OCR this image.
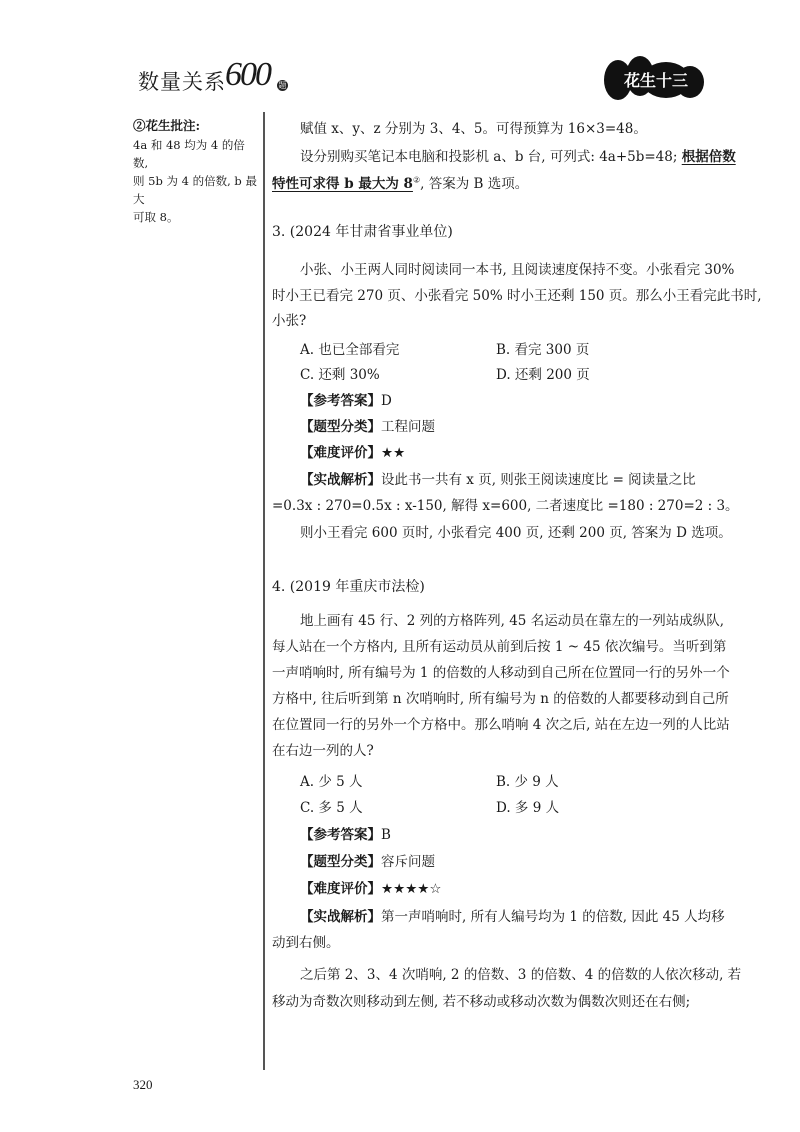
数量关系 600 题	花生十三
②花生批注:
4a 和 48 均为 4 的倍数,
则 5b 为 4 的倍数, b 最大
可取 8。
赋值 x、y、z 分别为 3、4、5。可得预算为 16×3=48。
设分别购买笔记本电脑和投影机 a、b 台, 可列式: 4a+5b=48; 根据倍数
特性可求得 b 最大为 8②, 答案为 B 选项。
3. (2024 年甘肃省事业单位)
小张、小王两人同时阅读同一本书, 且阅读速度保持不变。小张看完 30%
时小王已看完 270 页、小张看完 50% 时小王还剩 150 页。那么小王看完此书时,
小张?
A. 也已全部看完	B. 看完 300 页
C. 还剩 30%	D. 还剩 200 页
【参考答案】D
【题型分类】工程问题
【难度评价】★★
【实战解析】设此书一共有 x 页, 则张王阅读速度比 = 阅读量之比
=0.3x : 270=0.5x : x-150, 解得 x=600, 二者速度比 =180 : 270=2 : 3。
则小王看完 600 页时, 小张看完 400 页, 还剩 200 页, 答案为 D 选项。
4. (2019 年重庆市法检)
地上画有 45 行、2 列的方格阵列, 45 名运动员在靠左的一列站成纵队,
每人站在一个方格内, 且所有运动员从前到后按 1 ~ 45 依次编号。当听到第
一声哨响时, 所有编号为 1 的倍数的人移动到自己所在位置同一行的另外一个
方格中, 往后听到第 n 次哨响时, 所有编号为 n 的倍数的人都要移动到自己所
在位置同一行的另外一个方格中。那么哨响 4 次之后, 站在左边一列的人比站
在右边一列的人?
A. 少 5 人	B. 少 9 人
C. 多 5 人	D. 多 9 人
【参考答案】B
【题型分类】容斥问题
【难度评价】★★★★☆
【实战解析】第一声哨响时, 所有人编号均为 1 的倍数, 因此 45 人均移
动到右侧。
之后第 2、3、4 次哨响, 2 的倍数、3 的倍数、4 的倍数的人依次移动, 若
移动为奇数次则移动到左侧, 若不移动或移动次数为偶数次则还在右侧;
320
